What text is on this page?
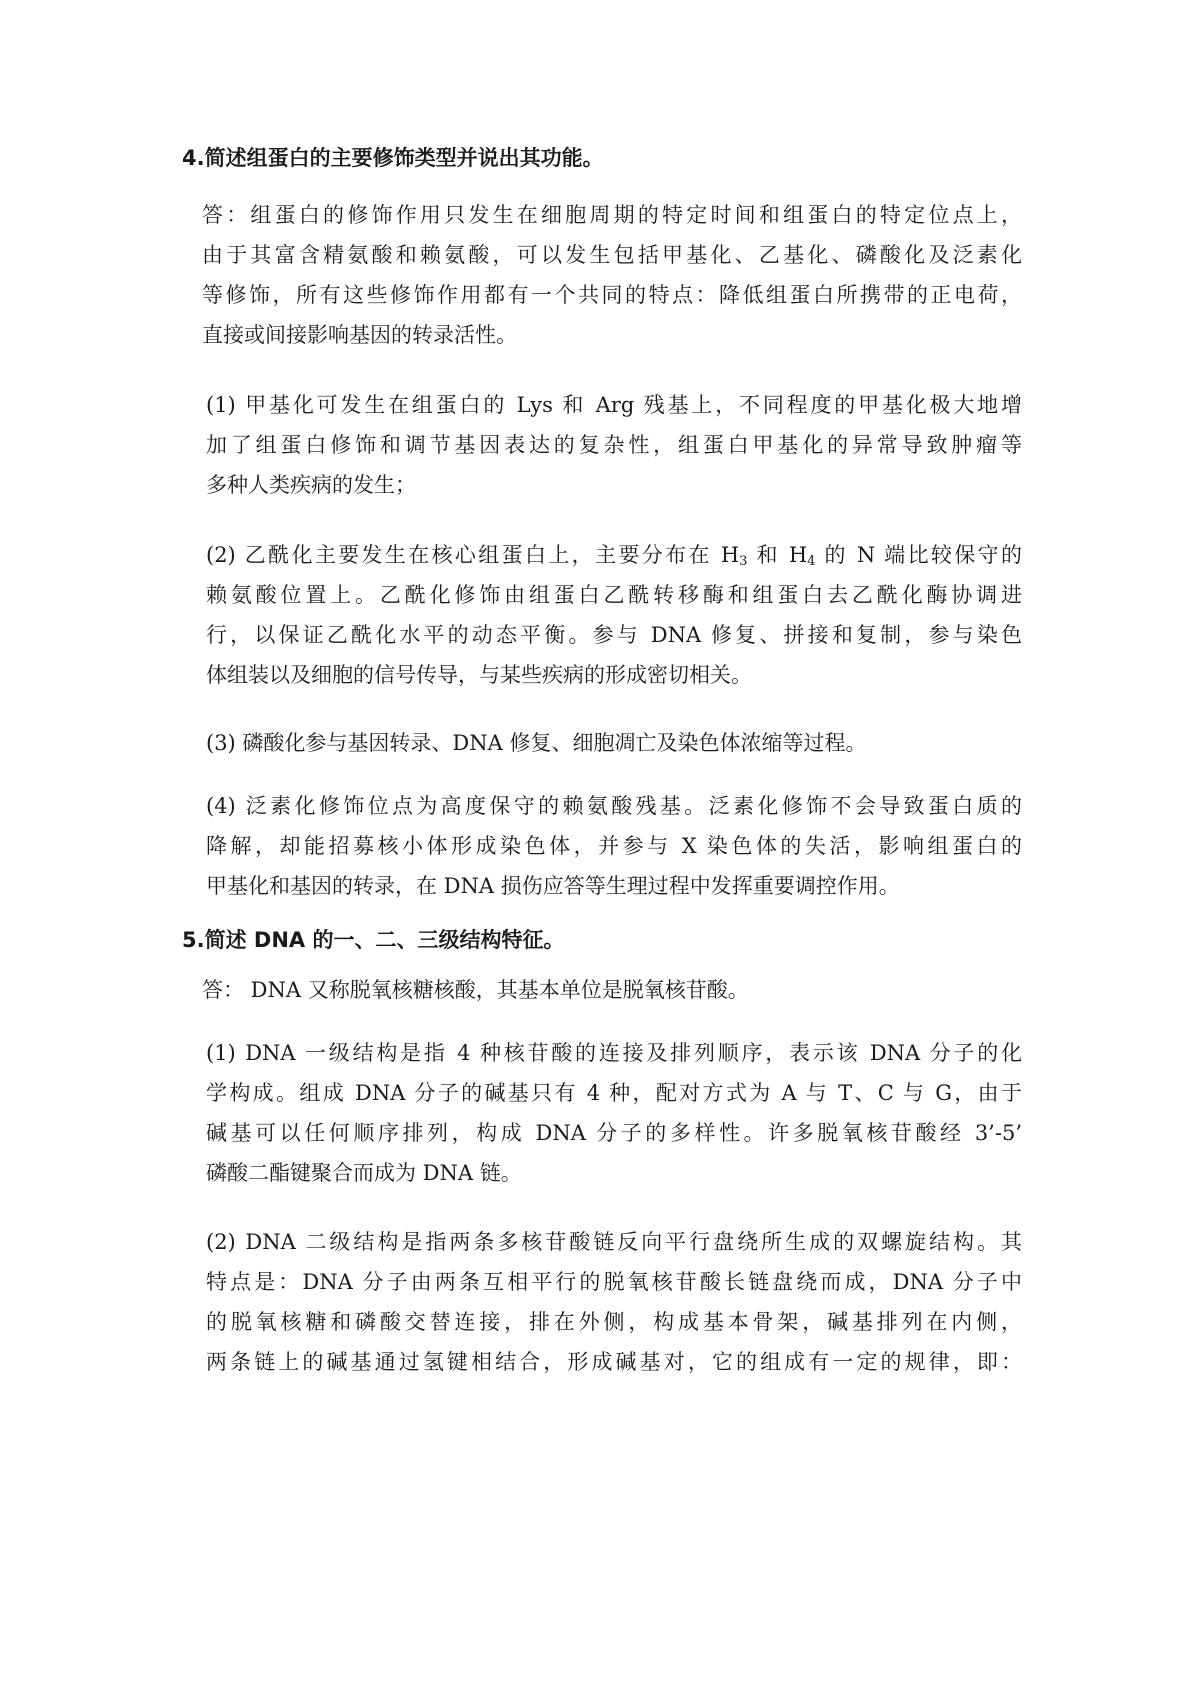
4.简述组蛋白的主要修饰类型并说出其功能。
答：组蛋白的修饰作用只发生在细胞周期的特定时间和组蛋白的特定位点上，
由于其富含精氨酸和赖氨酸，可以发生包括甲基化、乙基化、磷酸化及泛素化
等修饰，所有这些修饰作用都有一个共同的特点：降低组蛋白所携带的正电荷，
直接或间接影响基因的转录活性。
(1) 甲基化可发生在组蛋白的 Lys 和 Arg 残基上，不同程度的甲基化极大地增
加了组蛋白修饰和调节基因表达的复杂性，组蛋白甲基化的异常导致肿瘤等
多种人类疾病的发生；
(2) 乙酰化主要发生在核心组蛋白上，主要分布在 $H_3$ 和 $H_4$ 的 N 端比较保守的
赖氨酸位置上。乙酰化修饰由组蛋白乙酰转移酶和组蛋白去乙酰化酶协调进
行，以保证乙酰化水平的动态平衡。参与 DNA 修复、拼接和复制，参与染色
体组装以及细胞的信号传导，与某些疾病的形成密切相关。
(3) 磷酸化参与基因转录、DNA 修复、细胞凋亡及染色体浓缩等过程。
(4) 泛素化修饰位点为高度保守的赖氨酸残基。泛素化修饰不会导致蛋白质的
降解，却能招募核小体形成染色体，并参与 X 染色体的失活，影响组蛋白的
甲基化和基因的转录，在 DNA 损伤应答等生理过程中发挥重要调控作用。
5.简述 DNA 的一、二、三级结构特征。
答： DNA 又称脱氧核糖核酸，其基本单位是脱氧核苷酸。
(1) DNA 一级结构是指 4 种核苷酸的连接及排列顺序，表示该 DNA 分子的化
学构成。组成 DNA 分子的碱基只有 4 种，配对方式为 A 与 T、C 与 G，由于
碱基可以任何顺序排列，构成 DNA 分子的多样性。许多脱氧核苷酸经 3’-5’
磷酸二酯键聚合而成为 DNA 链。
(2) DNA 二级结构是指两条多核苷酸链反向平行盘绕所生成的双螺旋结构。其
特点是：DNA 分子由两条互相平行的脱氧核苷酸长链盘绕而成，DNA 分子中
的脱氧核糖和磷酸交替连接，排在外侧，构成基本骨架，碱基排列在内侧，
两条链上的碱基通过氢键相结合，形成碱基对，它的组成有一定的规律，即：
